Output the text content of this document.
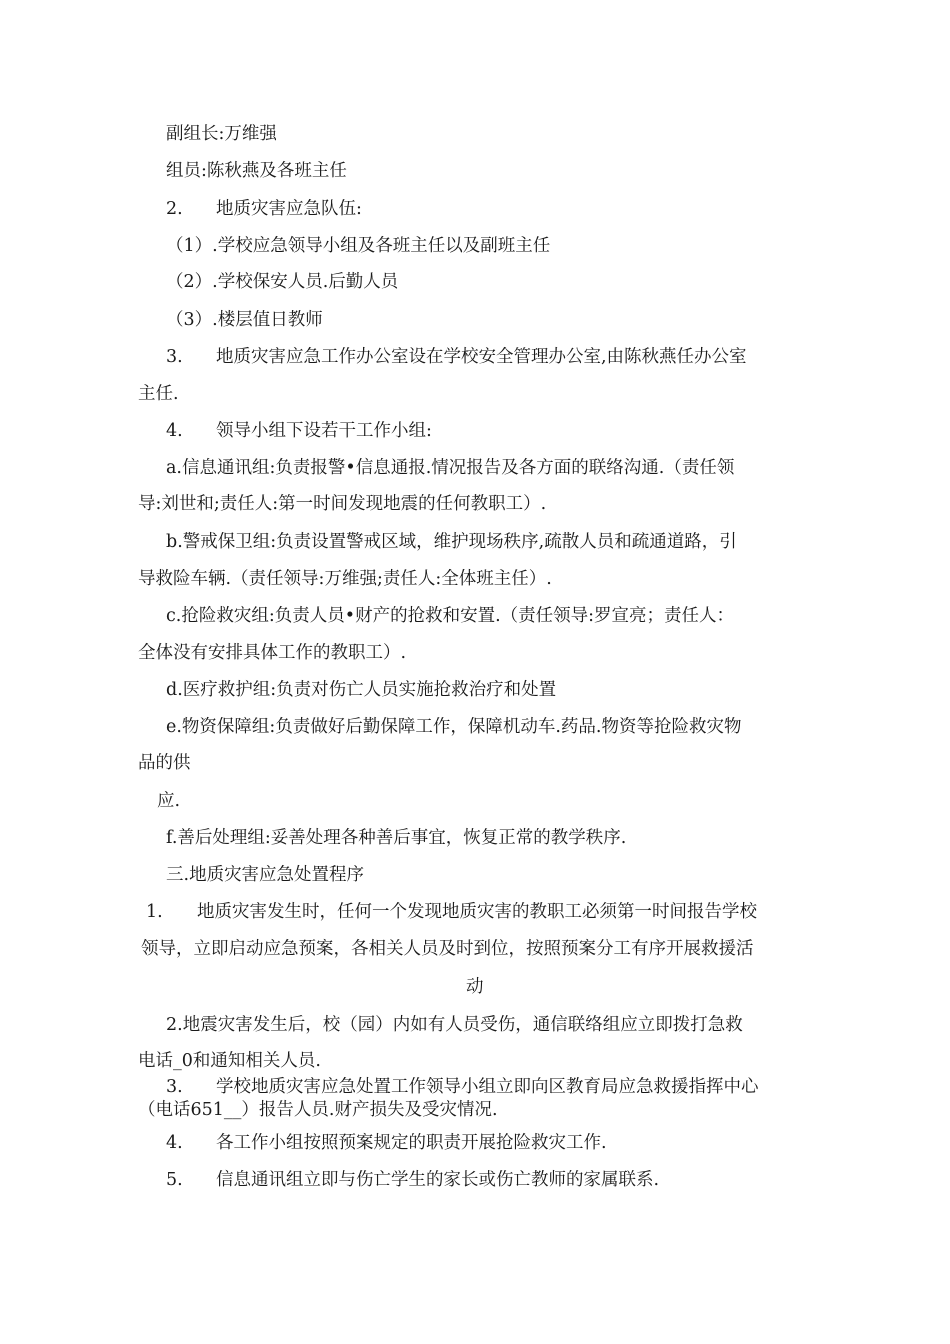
副组长:万维强
组员:陈秋燕及各班主任
2. 地质灾害应急队伍:
（1）.学校应急领导小组及各班主任以及副班主任
（2）.学校保安人员.后勤人员
（3）.楼层值日教师
3. 地质灾害应急工作办公室设在学校安全管理办公室,由陈秋燕任办公室
主任.
4. 领导小组下设若干工作小组:
a.信息通讯组:负责报警•信息通报.情况报告及各方面的联络沟通.（责任领
导:刘世和;责任人:第一时间发现地震的任何教职工）.
b.警戒保卫组:负责设置警戒区域，维护现场秩序,疏散人员和疏通道路，引
导救险车辆.（责任领导:万维强;责任人:全体班主任）.
c.抢险救灾组:负责人员•财产的抢救和安置.（责任领导:罗宣亮；责任人：
全体没有安排具体工作的教职工）.
d.医疗救护组:负责对伤亡人员实施抢救治疗和处置
e.物资保障组:负责做好后勤保障工作，保障机动车.药品.物资等抢险救灾物
品的供
应.
f.善后处理组:妥善处理各种善后事宜，恢复正常的教学秩序.
三.地质灾害应急处置程序
1. 地质灾害发生时，任何一个发现地质灾害的教职工必须第一时间报告学校
领导，立即启动应急预案，各相关人员及时到位，按照预案分工有序开展救援活
动
2.地震灾害发生后，校（园）内如有人员受伤，通信联络组应立即拨打急救
电话_0和通知相关人员.
3. 学校地质灾害应急处置工作领导小组立即向区教育局应急救援指挥中心
（电话651__）报告人员.财产损失及受灾情况.
4. 各工作小组按照预案规定的职责开展抢险救灾工作.
5. 信息通讯组立即与伤亡学生的家长或伤亡教师的家属联系.
